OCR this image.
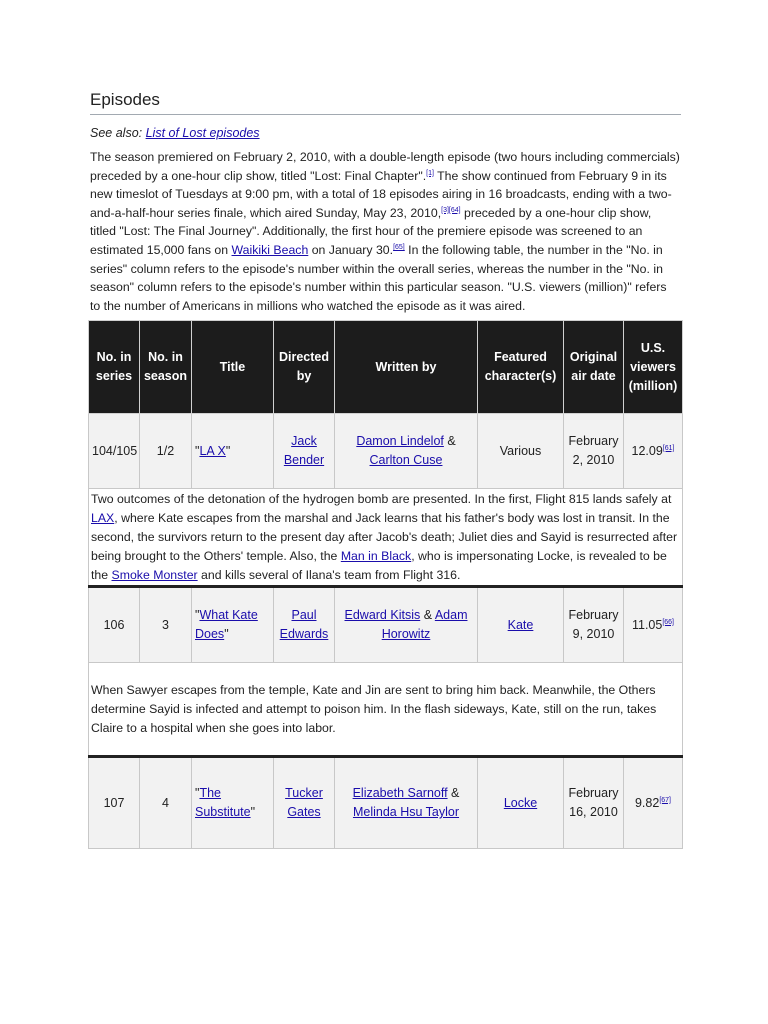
Episodes
See also: List of Lost episodes

The season premiered on February 2, 2010, with a double-length episode (two hours including commercials) preceded by a one-hour clip show, titled "Lost: Final Chapter".[1] The show continued from February 9 in its new timeslot of Tuesdays at 9:00 pm, with a total of 18 episodes airing in 16 broadcasts, ending with a two-and-a-half-hour series finale, which aired Sunday, May 23, 2010,[3][64] preceded by a one-hour clip show, titled "Lost: The Final Journey". Additionally, the first hour of the premiere episode was screened to an estimated 15,000 fans on Waikiki Beach on January 30.[65] In the following table, the number in the "No. in series" column refers to the episode's number within the overall series, whereas the number in the "No. in season" column refers to the episode's number within this particular season. "U.S. viewers (million)" refers to the number of Americans in millions who watched the episode as it was aired.

No. in series	No. in season	Title	Directed by	Written by	Featured character(s)	Original air date	U.S. viewers (million)
104/105	1/2	"LA X"	Jack Bender	Damon Lindelof & Carlton Cuse	Various	February 2, 2010	12.09[61]
Two outcomes of the detonation of the hydrogen bomb are presented. In the first, Flight 815 lands safely at LAX, where Kate escapes from the marshal and Jack learns that his father's body was lost in transit. In the second, the survivors return to the present day after Jacob's death; Juliet dies and Sayid is resurrected after being brought to the Others' temple. Also, the Man in Black, who is impersonating Locke, is revealed to be the Smoke Monster and kills several of Ilana's team from Flight 316.							
106	3	"What Kate Does"	Paul Edwards	Edward Kitsis & Adam Horowitz	Kate	February 9, 2010	11.05[66]
When Sawyer escapes from the temple, Kate and Jin are sent to bring him back. Meanwhile, the Others determine Sayid is infected and attempt to poison him. In the flash sideways, Kate, still on the run, takes Claire to a hospital when she goes into labor.							
107	4	"The Substitute"	Tucker Gates	Elizabeth Sarnoff & Melinda Hsu Taylor	Locke	February 16, 2010	9.82[67]
